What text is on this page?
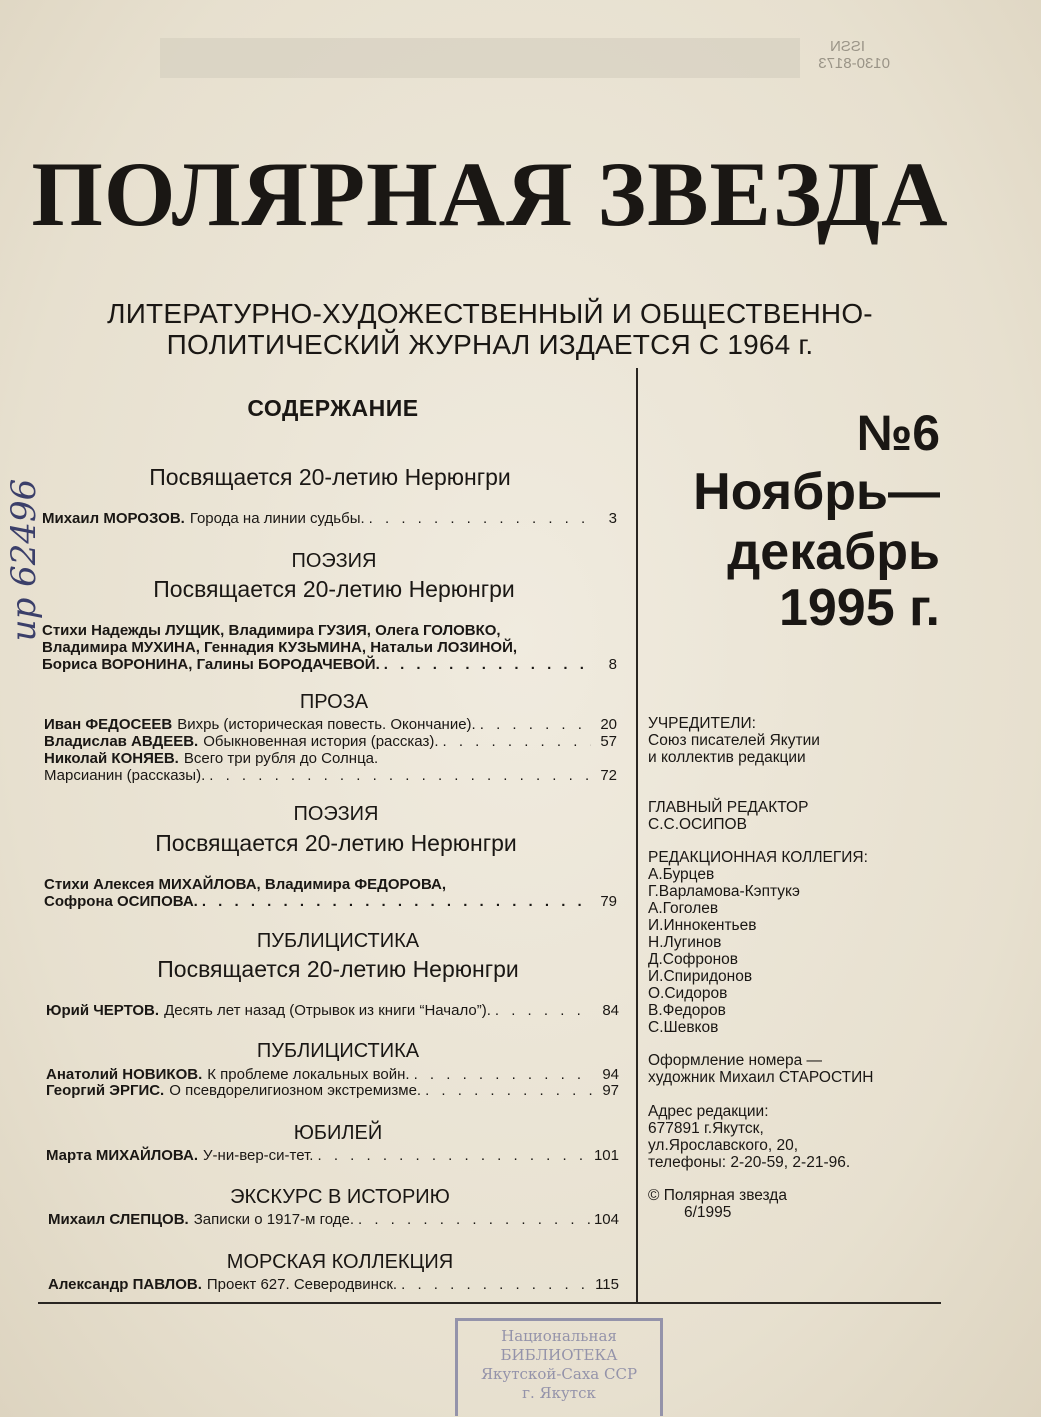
ISSN
0130-8173
ПОЛЯРНАЯ ЗВЕЗДА
ЛИТЕРАТУРНО-ХУДОЖЕСТВЕННЫЙ И ОБЩЕСТВЕННО-
ПОЛИТИЧЕСКИЙ ЖУРНАЛ ИЗДАЕТСЯ С 1964 г.
ир 62496
СОДЕРЖАНИЕ
Посвящается 20-летию Нерюнгри
Михаил МОРОЗОВ. Города на линии судьбы. . . .	3
ПОЭЗИЯ
Посвящается 20-летию Нерюнгри
Стихи Надежды ЛУЩИК, Владимира ГУЗИЯ, Олега ГОЛОВКО,
Владимира МУХИНА, Геннадия КУЗЬМИНА, Натальи ЛОЗИНОЙ,
Бориса ВОРОНИНА, Галины БОРОДАЧЕВОЙ. . . .	8
ПРОЗА
Иван ФЕДОСЕЕВ Вихрь (историческая повесть. Окончание). . . .	20
Владислав АВДЕЕВ. Обыкновенная история (рассказ). . . .	57
Николай КОНЯЕВ. Всего три рубля до Солнца.
Марсианин (рассказы). . . .	72
ПОЭЗИЯ
Посвящается 20-летию Нерюнгри
Стихи Алексея МИХАЙЛОВА, Владимира ФЕДОРОВА,
Софрона ОСИПОВА. . . .	79
ПУБЛИЦИСТИКА
Посвящается 20-летию Нерюнгри
Юрий ЧЕРТОВ. Десять лет назад (Отрывок из книги “Начало”). . . .	84
ПУБЛИЦИСТИКА
Анатолий НОВИКОВ. К проблеме локальных войн. . . .	94
Георгий ЭРГИС. О псевдорелигиозном экстремизме. . . .	97
ЮБИЛЕЙ
Марта МИХАЙЛОВА. У-ни-вер-си-тет. . . .	101
ЭКСКУРС В ИСТОРИЮ
Михаил СЛЕПЦОВ. Записки о 1917-м годе. . . .	104
МОРСКАЯ КОЛЛЕКЦИЯ
Александр ПАВЛОВ. Проект 627. Северодвинск. . . .	115
№6
Ноябрь—
декабрь
1995 г.
УЧРЕДИТЕЛИ:
Союз писателей Якутии
и коллектив редакции
ГЛАВНЫЙ РЕДАКТОР
С.С.ОСИПОВ
РЕДАКЦИОННАЯ КОЛЛЕГИЯ:
А.Бурцев
Г.Варламова-Кэптукэ
А.Гоголев
И.Иннокентьев
Н.Лугинов
Д.Софронов
И.Спиридонов
О.Сидоров
В.Федоров
С.Шевков
Оформление номера —
художник Михаил СТАРОСТИН
Адрес редакции:
677891 г.Якутск,
ул.Ярославского, 20,
телефоны: 2-20-59, 2-21-96.
© Полярная звезда
6/1995
Национальная
БИБЛИОТЕКА
Якутской-Саха ССР
г. Якутск
